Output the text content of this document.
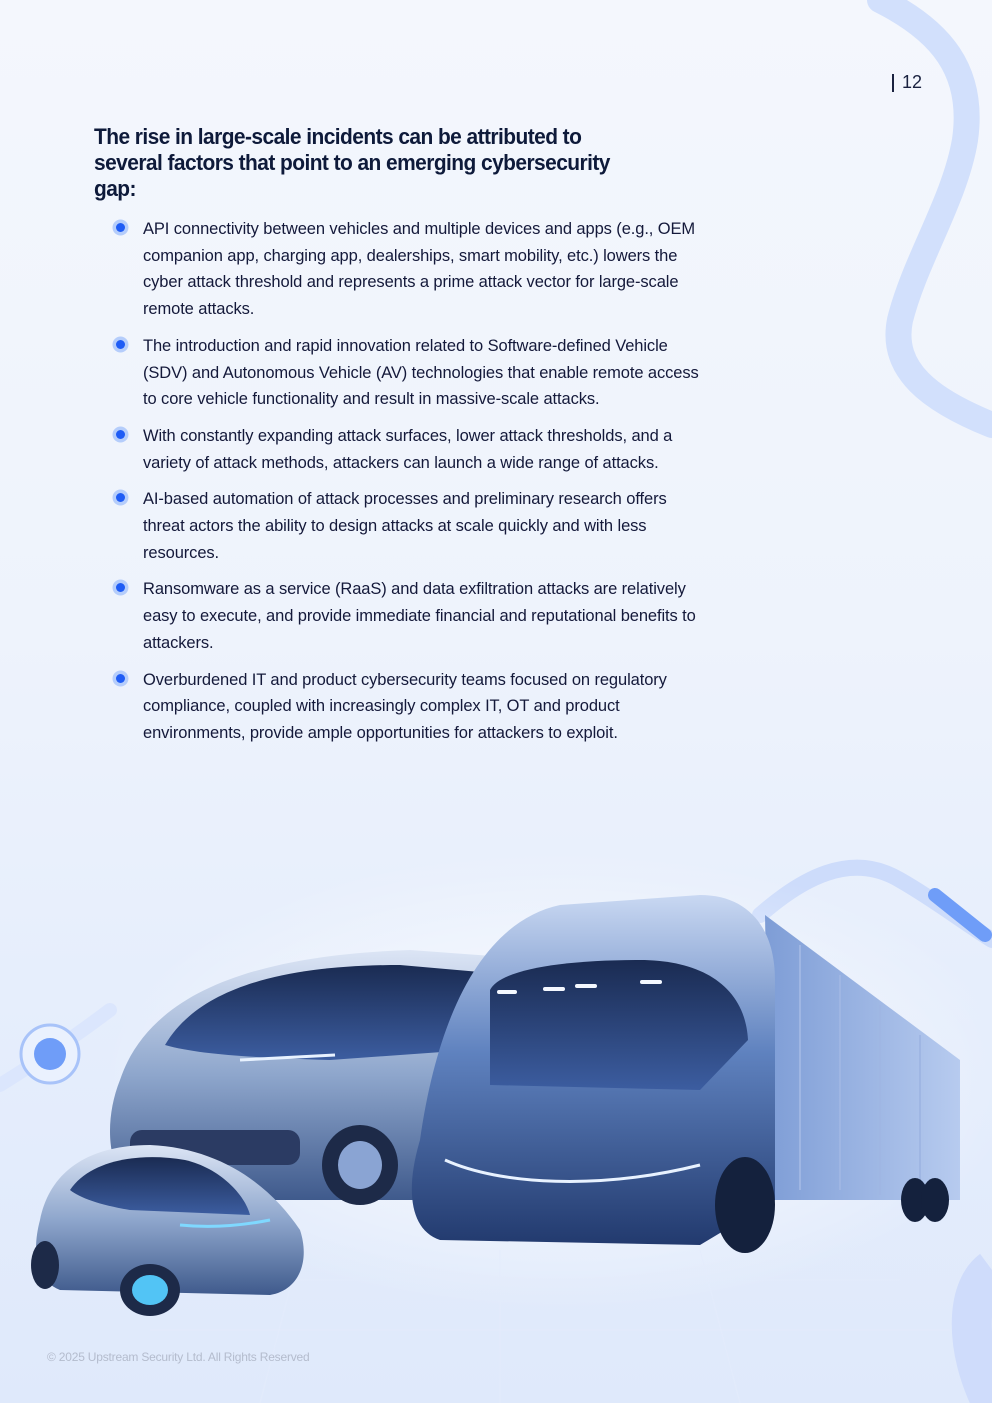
12
The rise in large-scale incidents can be attributed to several factors that point to an emerging cybersecurity gap:
API connectivity between vehicles and multiple devices and apps (e.g., OEM companion app, charging app, dealerships, smart mobility, etc.) lowers the cyber attack threshold and represents a prime attack vector for large-scale remote attacks.
The introduction and rapid innovation related to Software-defined Vehicle (SDV) and Autonomous Vehicle (AV) technologies that enable remote access to core vehicle functionality and result in massive-scale attacks.
With constantly expanding attack surfaces, lower attack thresholds, and a variety of attack methods, attackers can launch a wide range of attacks.
AI-based automation of attack processes and preliminary research offers threat actors the ability to design attacks at scale quickly and with less resources.
Ransomware as a service (RaaS) and data exfiltration attacks are relatively easy to execute, and provide immediate financial and reputational benefits to attackers.
Overburdened IT and product cybersecurity teams focused on regulatory compliance, coupled with increasingly complex IT, OT and product environments, provide ample opportunities for attackers to exploit.
© 2025 Upstream Security Ltd. All Rights Reserved
